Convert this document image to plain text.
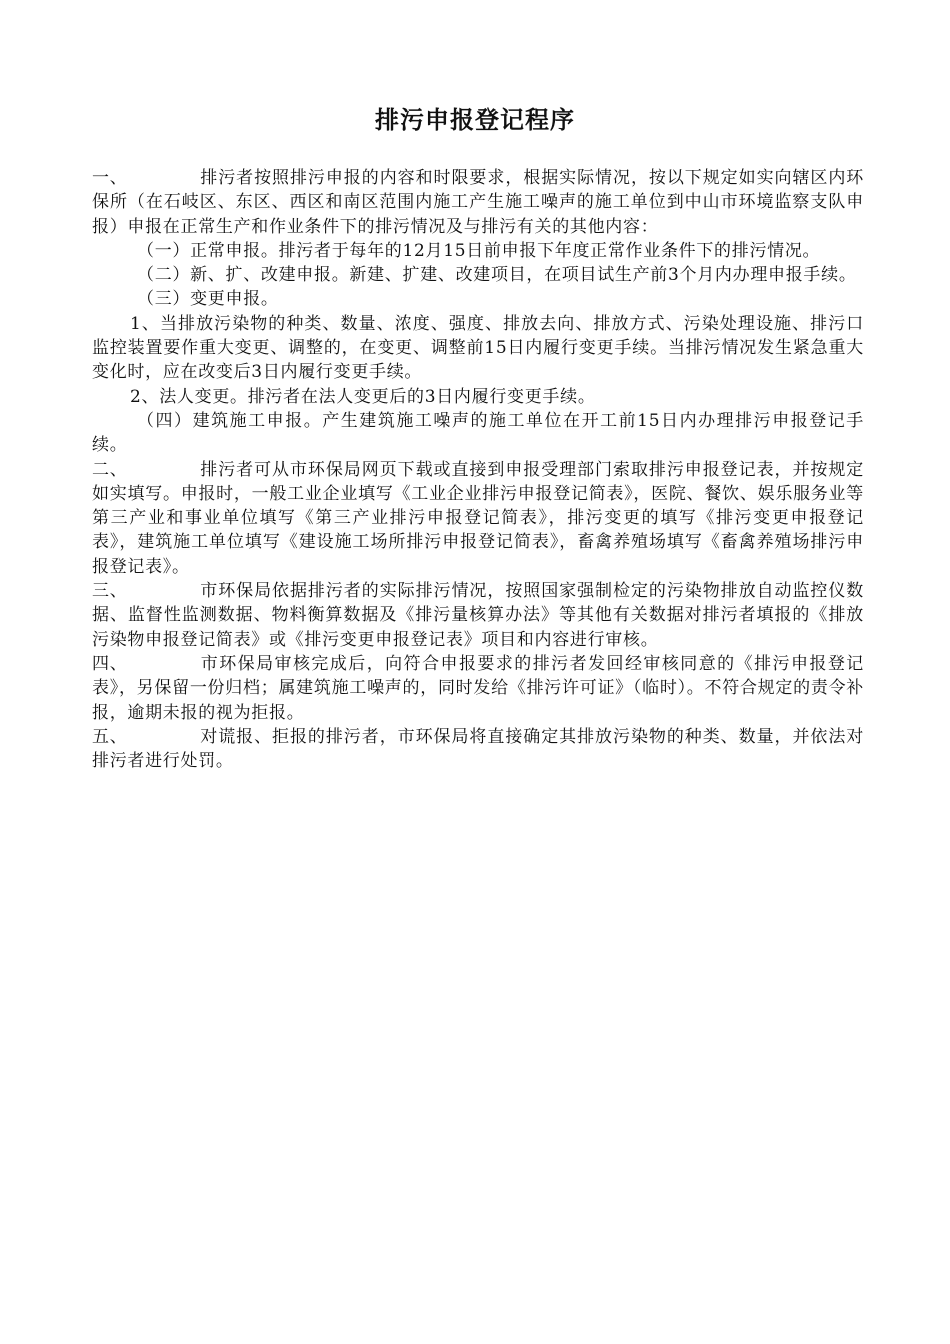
排污申报登记程序

一、	排污者按照排污申报的内容和时限要求，根据实际情况，按以下规定如实向辖区内环保所（在石岐区、东区、西区和南区范围内施工产生施工噪声的施工单位到中山市环境监察支队申报）申报在正常生产和作业条件下的排污情况及与排污有关的其他内容：

（一）正常申报。排污者于每年的12月15日前申报下年度正常作业条件下的排污情况。

（二）新、扩、改建申报。新建、扩建、改建项目，在项目试生产前3个月内办理申报手续。

（三）变更申报。

1、当排放污染物的种类、数量、浓度、强度、排放去向、排放方式、污染处理设施、排污口监控装置要作重大变更、调整的，在变更、调整前15日内履行变更手续。当排污情况发生紧急重大变化时，应在改变后3日内履行变更手续。

2、法人变更。排污者在法人变更后的3日内履行变更手续。

（四）建筑施工申报。产生建筑施工噪声的施工单位在开工前15日内办理排污申报登记手续。

二、	排污者可从市环保局网页下载或直接到申报受理部门索取排污申报登记表，并按规定如实填写。申报时，一般工业企业填写《工业企业排污申报登记简表》，医院、餐饮、娱乐服务业等第三产业和事业单位填写《第三产业排污申报登记简表》，排污变更的填写《排污变更申报登记表》，建筑施工单位填写《建设施工场所排污申报登记简表》，畜禽养殖场填写《畜禽养殖场排污申报登记表》。

三、	市环保局依据排污者的实际排污情况，按照国家强制检定的污染物排放自动监控仪数据、监督性监测数据、物料衡算数据及《排污量核算办法》等其他有关数据对排污者填报的《排放污染物申报登记简表》或《排污变更申报登记表》项目和内容进行审核。

四、	市环保局审核完成后，向符合申报要求的排污者发回经审核同意的《排污申报登记表》，另保留一份归档；属建筑施工噪声的，同时发给《排污许可证》（临时）。不符合规定的责令补报，逾期未报的视为拒报。

五、	对谎报、拒报的排污者，市环保局将直接确定其排放污染物的种类、数量，并依法对排污者进行处罚。
